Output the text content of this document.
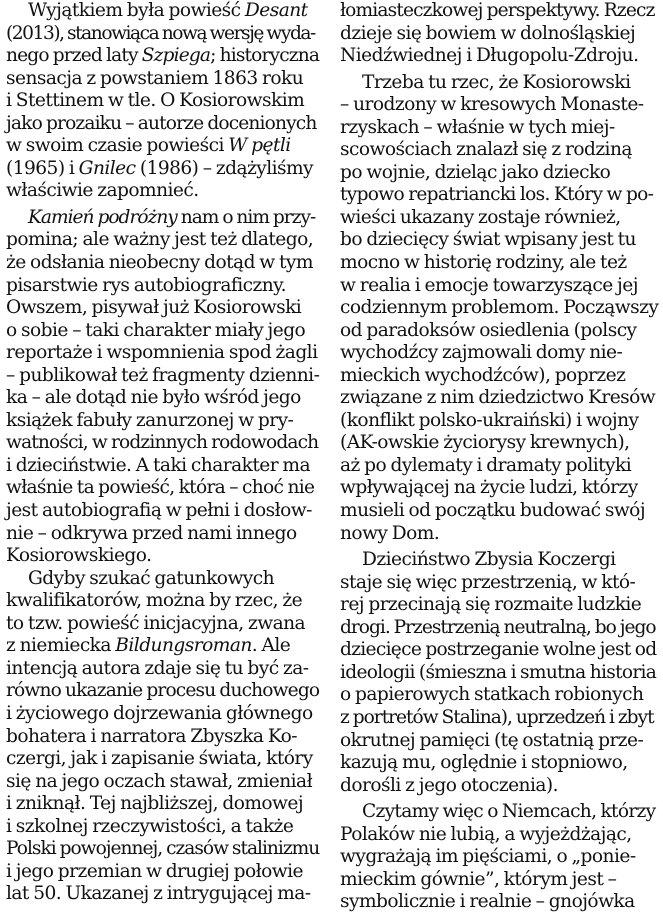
Wyjątkiem była powieść Desant
(2013), stanowiąca nową wersję wyda-
nego przed laty Szpiega; historyczna
sensacja z powstaniem 1863 roku
i Stettinem w tle. O Kosiorowskim
jako prozaiku – autorze docenionych
w swoim czasie powieści W pętli
(1965) i Gnilec (1986) – zdążyliśmy
właściwie zapomnieć.
Kamień podróżny nam o nim przy-
pomina; ale ważny jest też dlatego,
że odsłania nieobecny dotąd w tym
pisarstwie rys autobiograficzny.
Owszem, pisywał już Kosiorowski
o sobie – taki charakter miały jego
reportaże i wspomnienia spod żagli
– publikował też fragmenty dzienni-
ka – ale dotąd nie było wśród jego
książek fabuły zanurzonej w pry-
watności, w rodzinnych rodowodach
i dzieciństwie. A taki charakter ma
właśnie ta powieść, która – choć nie
jest autobiografią w pełni i dosłow-
nie – odkrywa przed nami innego
Kosiorowskiego.
Gdyby szukać gatunkowych
kwalifikatorów, można by rzec, że
to tzw. powieść inicjacyjna, zwana
z niemiecka Bildungsroman. Ale
intencją autora zdaje się tu być za-
równo ukazanie procesu duchowego
i życiowego dojrzewania głównego
bohatera i narratora Zbyszka Ko-
czergi, jak i zapisanie świata, który
się na jego oczach stawał, zmieniał
i zniknął. Tej najbliższej, domowej
i szkolnej rzeczywistości, a także
Polski powojennej, czasów stalinizmu
i jego przemian w drugiej połowie
lat 50. Ukazanej z intrygującej ma-
łomiasteczkowej perspektywy. Rzecz
dzieje się bowiem w dolnośląskiej
Niedźwiednej i Długopolu-Zdroju.
Trzeba tu rzec, że Kosiorowski
– urodzony w kresowych Monaste-
rzyskach – właśnie w tych miej-
scowościach znalazł się z rodziną
po wojnie, dzieląc jako dziecko
typowo repatriancki los. Który w po-
wieści ukazany zostaje również,
bo dziecięcy świat wpisany jest tu
mocno w historię rodziny, ale też
w realia i emocje towarzyszące jej
codziennym problemom. Począwszy
od paradoksów osiedlenia (polscy
wychodźcy zajmowali domy nie-
mieckich wychodźców), poprzez
związane z nim dziedzictwo Kresów
(konflikt polsko-ukraiński) i wojny
(AK-owskie życiorysy krewnych),
aż po dylematy i dramaty polityki
wpływającej na życie ludzi, którzy
musieli od początku budować swój
nowy Dom.
Dzieciństwo Zbysia Koczergi
staje się więc przestrzenią, w któ-
rej przecinają się rozmaite ludzkie
drogi. Przestrzenią neutralną, bo jego
dziecięce postrzeganie wolne jest od
ideologii (śmieszna i smutna historia
o papierowych statkach robionych
z portretów Stalina), uprzedzeń i zbyt
okrutnej pamięci (tę ostatnią prze-
kazują mu, oględnie i stopniowo,
dorośli z jego otoczenia).
Czytamy więc o Niemcach, którzy
Polaków nie lubią, a wyjeżdżając,
wygrażają im pięściami, o „ponie-
mieckim gównie”, którym jest –
symbolicznie i realnie – gnojówka
